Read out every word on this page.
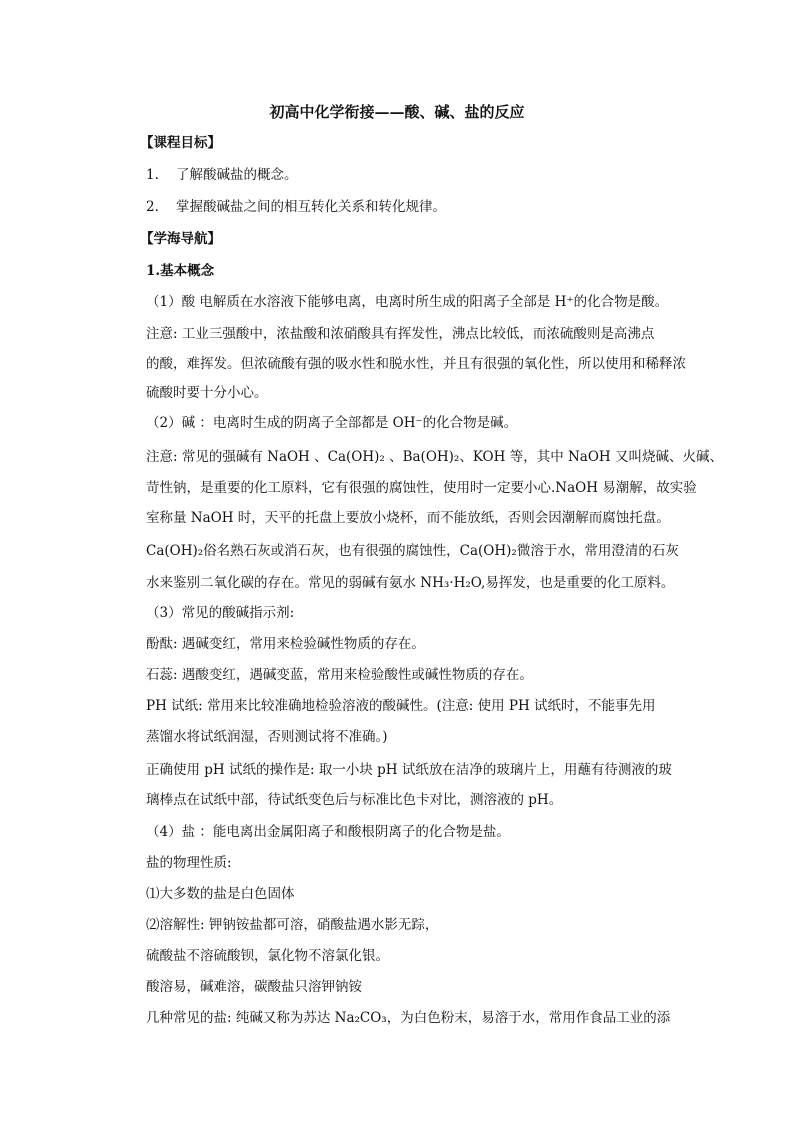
初高中化学衔接——酸、碱、盐的反应
【课程目标】
1. 了解酸碱盐的概念。
2. 掌握酸碱盐之间的相互转化关系和转化规律。
【学海导航】
1.基本概念
（1）酸 电解质在水溶液下能够电离，电离时所生成的阳离子全部是 H⁺的化合物是酸。
注意: 工业三强酸中，浓盐酸和浓硝酸具有挥发性，沸点比较低，而浓硫酸则是高沸点
的酸，难挥发。但浓硫酸有强的吸水性和脱水性，并且有很强的氧化性，所以使用和稀释浓
硫酸时要十分小心。
（2）碱 ：电离时生成的阴离子全部都是 OH⁻的化合物是碱。
注意: 常见的强碱有 NaOH 、Ca(OH)₂ 、Ba(OH)₂、KOH 等，其中 NaOH 又叫烧碱、火碱、
苛性钠，是重要的化工原料，它有很强的腐蚀性，使用时一定要小心.NaOH 易潮解，故实验
室称量 NaOH 时，天平的托盘上要放小烧杯，而不能放纸，否则会因潮解而腐蚀托盘。
Ca(OH)₂俗名熟石灰或消石灰，也有很强的腐蚀性，Ca(OH)₂微溶于水，常用澄清的石灰
水来鉴别二氧化碳的存在。常见的弱碱有氨水 NH₃·H₂O,易挥发，也是重要的化工原料。
（3）常见的酸碱指示剂:
酚酞: 遇碱变红，常用来检验碱性物质的存在。
石蕊: 遇酸变红，遇碱变蓝，常用来检验酸性或碱性物质的存在。
PH 试纸: 常用来比较准确地检验溶液的酸碱性。(注意: 使用 PH 试纸时，不能事先用
蒸馏水将试纸润湿，否则测试将不准确。)
正确使用 pH 试纸的操作是: 取一小块 pH 试纸放在洁净的玻璃片上，用蘸有待测液的玻
璃棒点在试纸中部，待试纸变色后与标准比色卡对比，测溶液的 pH。
（4）盐 ：能电离出金属阳离子和酸根阴离子的化合物是盐。
盐的物理性质:
⑴大多数的盐是白色固体
⑵溶解性: 钾钠铵盐都可溶，硝酸盐遇水影无踪，
硫酸盐不溶硫酸钡，氯化物不溶氯化银。
酸溶易，碱难溶，碳酸盐只溶钾钠铵
几种常见的盐: 纯碱又称为苏达 Na₂CO₃，为白色粉末，易溶于水，常用作食品工业的添
